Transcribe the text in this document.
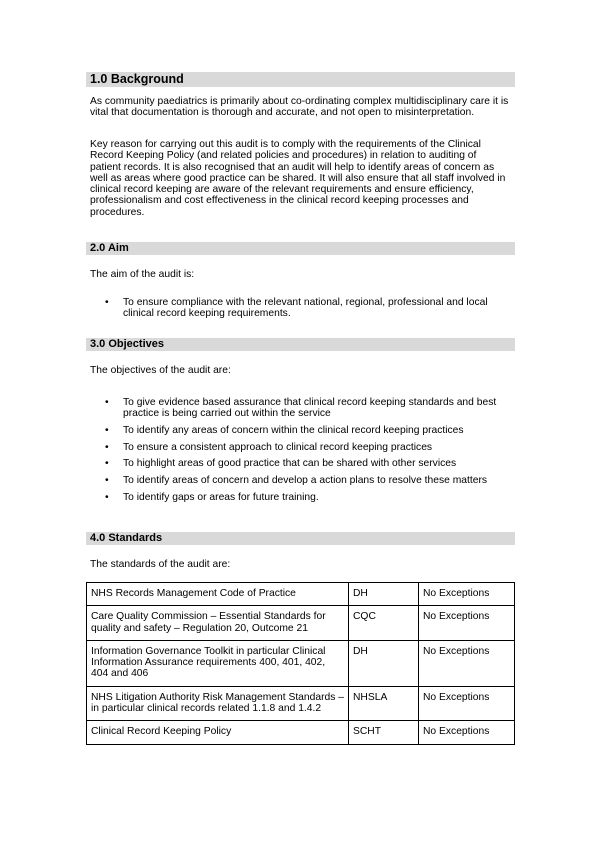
1.0 Background

As community paediatrics is primarily about co-ordinating complex multidisciplinary care it is vital that documentation is thorough and accurate, and not open to misinterpretation.

Key reason for carrying out this audit is to comply with the requirements of the Clinical Record Keeping Policy (and related policies and procedures) in relation to auditing of patient records. It is also recognised that an audit will help to identify areas of concern as well as areas where good practice can be shared. It will also ensure that all staff involved in clinical record keeping are aware of the relevant requirements and ensure efficiency, professionalism and cost effectiveness in the clinical record keeping processes and procedures.

2.0 Aim

The aim of the audit is:

• To ensure compliance with the relevant national, regional, professional and local clinical record keeping requirements.
3.0 Objectives

The objectives of the audit are:

• To give evidence based assurance that clinical record keeping standards and best practice is being carried out within the service
• To identify any areas of concern within the clinical record keeping practices
• To ensure a consistent approach to clinical record keeping practices
• To highlight areas of good practice that can be shared with other services
• To identify areas of concern and develop a action plans to resolve these matters
• To identify gaps or areas for future training.
4.0 Standards

The standards of the audit are:

NHS Records Management Code of Practice	DH	No Exceptions
Care Quality Commission – Essential Standards for quality and safety – Regulation 20, Outcome 21	CQC	No Exceptions
Information Governance Toolkit in particular Clinical Information Assurance requirements 400, 401, 402, 404 and 406	DH	No Exceptions
NHS Litigation Authority Risk Management Standards – in particular clinical records related 1.1.8 and 1.4.2	NHSLA	No Exceptions
Clinical Record Keeping Policy	SCHT	No Exceptions
